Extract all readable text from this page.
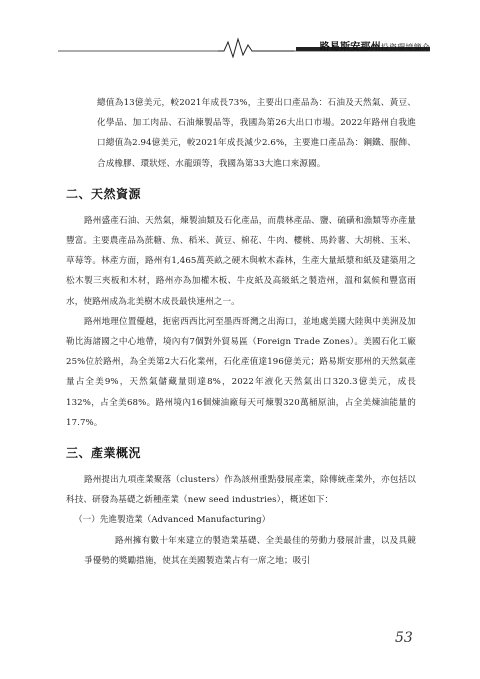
路易斯安那州投資環境簡介

總值為13億美元，較2021年成長73%，主要出口產品為：石油及天然氣、黃豆、化學品、加工肉品、石油煉製品等，我國為第26大出口市場。2022年路州自我進口總值為2.94億美元，較2021年成長減少2.6%，主要進口產品為：鋼鐵、服飾、合成橡膠、環狀烴、水龍頭等，我國為第33大進口來源國。

二、天然資源

路州盛產石油、天然氣，煉製油類及石化產品，而農林產品、鹽、硫磺和漁類等亦產量豐富。主要農產品為蔗糖、魚、稻米、黃豆、棉花、牛肉、櫻桃、馬鈴薯、大胡桃、玉米、草莓等。林產方面，路州有1,465萬英畝之硬木與軟木森林，生產大量紙漿和紙及建築用之松木製三夾板和木材，路州亦為加權木板、牛皮紙及高級紙之製造州，溫和氣候和豐富雨水，使路州成為北美樹木成長最快速州之一。

路州地理位置優越，扼密西西比河至墨西哥灣之出海口，並地處美國大陸與中美洲及加勒比海諸國之中心地帶，境內有7個對外貿易區（Foreign Trade Zones）。美國石化工廠25%位於路州，為全美第2大石化業州，石化產值達196億美元；路易斯安那州的天然氣產量占全美9%，天然氣儲藏量則達8%，2022年液化天然氣出口320.3億美元，成長132%，占全美68%。路州境內16個煉油廠每天可煉製320萬桶原油，占全美煉油能量的17.7%。

三、產業概況

路州提出九項產業聚落（clusters）作為該州重點發展產業，除傳統產業外，亦包括以科技、研發為基礎之新種產業（new seed industries），概述如下：

（一）先進製造業（Advanced Manufacturing）

路州擁有數十年來建立的製造業基礎、全美最佳的勞動力發展計畫，以及具競爭優勢的獎勵措施，使其在美國製造業占有一席之地；吸引

53
